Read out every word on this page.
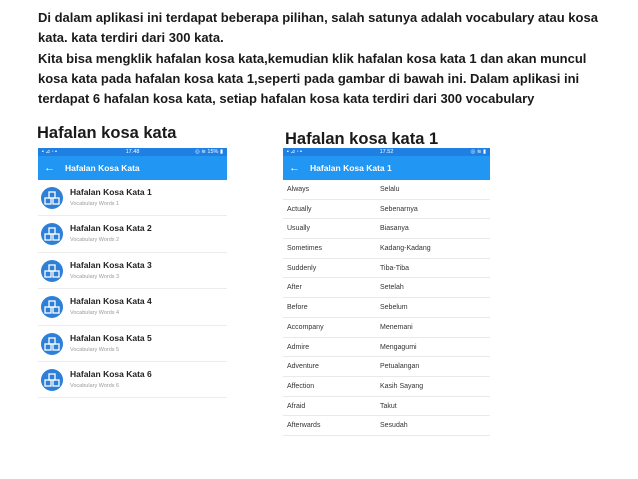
Di dalam aplikasi ini terdapat beberapa pilihan, salah satunya adalah vocabulary atau kosa kata. kata terdiri dari 300 kata.

Kita bisa mengklik hafalan kosa kata,kemudian klik hafalan kosa kata 1 dan akan muncul kosa kata pada hafalan kosa kata 1,seperti pada gambar di bawah ini. Dalam aplikasi ini terdapat 6 hafalan kosa kata, setiap hafalan kosa kata terdiri dari 300 vocabulary

Hafalan kosa kata	Hafalan kosa kata 1
▪ ⊿ ◦ ▪	17.48	◎ ≋ 15% ▮
← Hafalan Kosa Kata
Hafalan Kosa Kata 1
Vocabulary Words 1
Hafalan Kosa Kata 2
Vocabulary Words 2
Hafalan Kosa Kata 3
Vocabulary Words 3
Hafalan Kosa Kata 4
Vocabulary Words 4
Hafalan Kosa Kata 5
Vocabulary Words 5
Hafalan Kosa Kata 6
Vocabulary Words 6
▪ ⊿ ◦ ▪	17.52	◎ ≋ ▮
← Hafalan Kosa Kata 1
Always	Selalu
Actually	Sebenarnya
Usually	Biasanya
Sometimes	Kadang-Kadang
Suddenly	Tiba-Tiba
After	Setelah
Before	Sebelum
Accompany	Menemani
Admire	Mengagumi
Adventure	Petualangan
Affection	Kasih Sayang
Afraid	Takut
Afterwards	Sesudah
